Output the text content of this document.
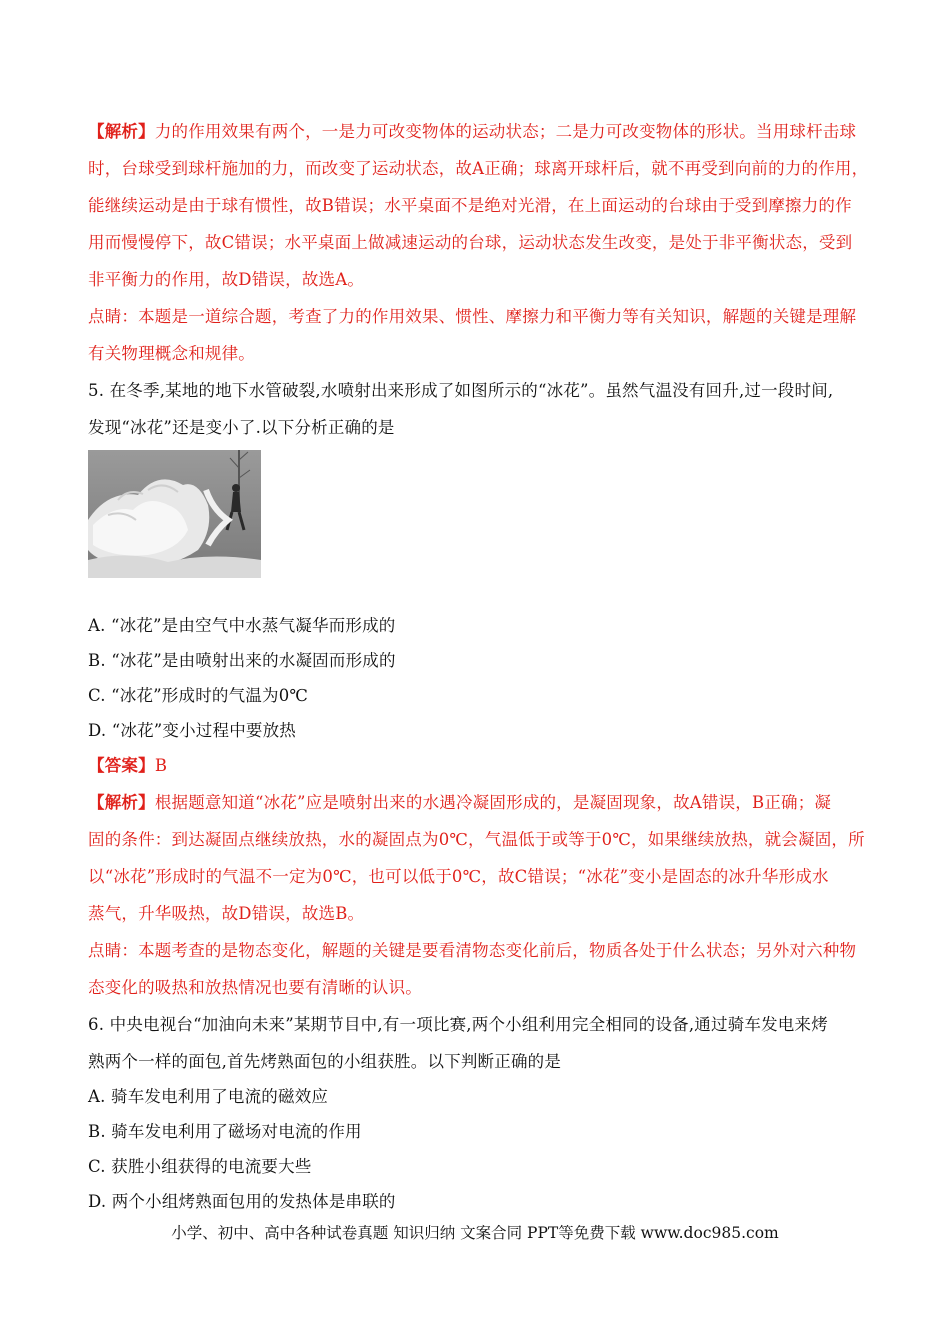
【解析】力的作用效果有两个，一是力可改变物体的运动状态；二是力可改变物体的形状。当用球杆击球
时，台球受到球杆施加的力，而改变了运动状态，故A正确；球离开球杆后，就不再受到向前的力的作用，
能继续运动是由于球有惯性，故B错误；水平桌面不是绝对光滑，在上面运动的台球由于受到摩擦力的作
用而慢慢停下，故C错误；水平桌面上做减速运动的台球，运动状态发生改变，是处于非平衡状态，受到
非平衡力的作用，故D错误，故选A。
点睛：本题是一道综合题，考查了力的作用效果、惯性、摩擦力和平衡力等有关知识，解题的关键是理解
有关物理概念和规律。
5. 在冬季,某地的地下水管破裂,水喷射出来形成了如图所示的“冰花”。虽然气温没有回升,过一段时间,
发现“冰花”还是变小了.以下分析正确的是
A. “冰花”是由空气中水蒸气凝华而形成的
B. “冰花”是由喷射出来的水凝固而形成的
C. “冰花”形成时的气温为0℃
D. “冰花”变小过程中要放热
【答案】B
【解析】根据题意知道“冰花”应是喷射出来的水遇冷凝固形成的，是凝固现象，故A错误，B正确；凝
固的条件：到达凝固点继续放热，水的凝固点为0℃，气温低于或等于0℃，如果继续放热，就会凝固，所
以“冰花”形成时的气温不一定为0℃，也可以低于0℃，故C错误；“冰花”变小是固态的冰升华形成水
蒸气，升华吸热，故D错误，故选B。
点睛：本题考查的是物态变化，解题的关键是要看清物态变化前后，物质各处于什么状态；另外对六种物
态变化的吸热和放热情况也要有清晰的认识。
6. 中央电视台“加油向未来”某期节目中,有一项比赛,两个小组利用完全相同的设备,通过骑车发电来烤
熟两个一样的面包,首先烤熟面包的小组获胜。以下判断正确的是
A. 骑车发电利用了电流的磁效应
B. 骑车发电利用了磁场对电流的作用
C. 获胜小组获得的电流要大些
D. 两个小组烤熟面包用的发热体是串联的
小学、初中、高中各种试卷真题 知识归纳 文案合同 PPT等免费下载 www.doc985.com
